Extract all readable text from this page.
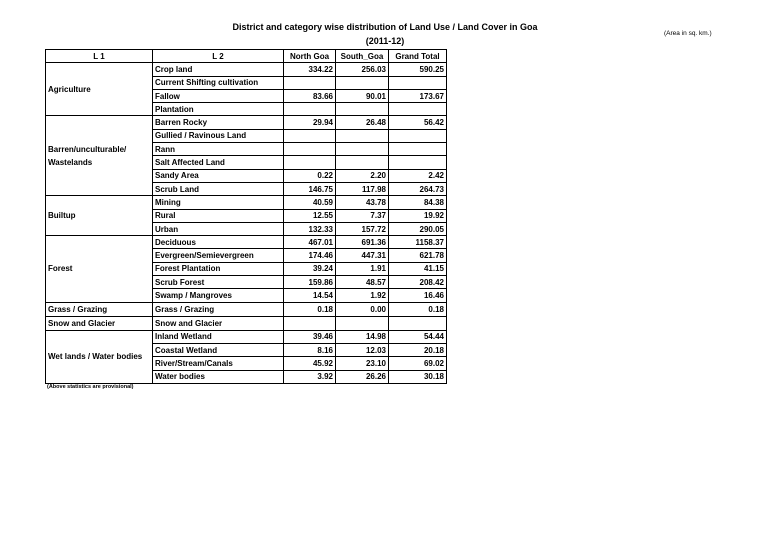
District and category wise distribution of Land Use / Land Cover in Goa
(2011-12)
(Area in sq. km.)
L 1	L 2	North Goa	South_Goa	Grand Total

Agriculture	Crop land	334.22	256.03	590.25
	Current Shifting cultivation			
	Fallow	83.66	90.01	173.67
	Plantation			

Barren/unculturable/ Wastelands	Barren Rocky	29.94	26.48	56.42
	Gullied / Ravinous Land			
	Rann			
	Salt Affected Land			
	Sandy Area	0.22	2.20	2.42
	Scrub Land	146.75	117.98	264.73

Builtup	Mining	40.59	43.78	84.38
	Rural	12.55	7.37	19.92
	Urban	132.33	157.72	290.05

Forest	Deciduous	467.01	691.36	1158.37
	Evergreen/Semievergreen	174.46	447.31	621.78
	Forest Plantation	39.24	1.91	41.15
	Scrub Forest	159.86	48.57	208.42
	Swamp / Mangroves	14.54	1.92	16.46

Grass / Grazing	Grass / Grazing	0.18	0.00	0.18

Snow and Glacier	Snow and Glacier			

Wet lands / Water bodies	Inland Wetland	39.46	14.98	54.44
	Coastal Wetland	8.16	12.03	20.18
	River/Stream/Canals	45.92	23.10	69.02
	Water bodies	3.92	26.26	30.18
(Above statistics are provisional)
